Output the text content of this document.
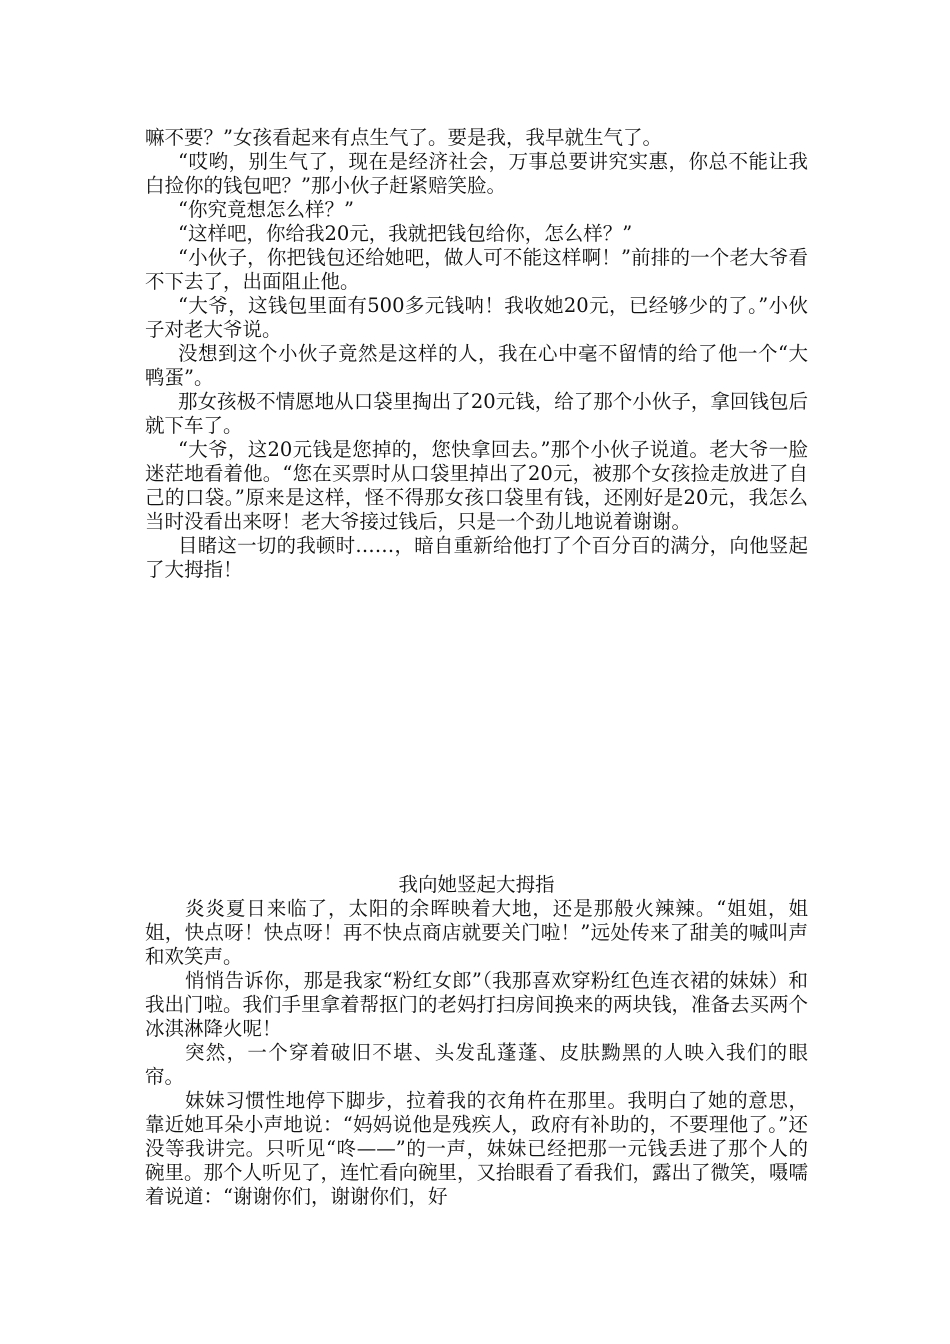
嘛不要？”女孩看起来有点生气了。要是我，我早就生气了。

“哎哟，别生气了，现在是经济社会，万事总要讲究实惠，你总不能让我白捡你的钱包吧？”那小伙子赶紧赔笑脸。

“你究竟想怎么样？”

“这样吧，你给我20元，我就把钱包给你，怎么样？”

“小伙子，你把钱包还给她吧，做人可不能这样啊！”前排的一个老大爷看不下去了，出面阻止他。

“大爷，这钱包里面有500多元钱呐！我收她20元，已经够少的了。”小伙子对老大爷说。

没想到这个小伙子竟然是这样的人，我在心中毫不留情的给了他一个“大鸭蛋”。

那女孩极不情愿地从口袋里掏出了20元钱，给了那个小伙子，拿回钱包后就下车了。

“大爷，这20元钱是您掉的，您快拿回去。”那个小伙子说道。老大爷一脸迷茫地看着他。“您在买票时从口袋里掉出了20元，被那个女孩捡走放进了自己的口袋。”原来是这样，怪不得那女孩口袋里有钱，还刚好是20元，我怎么当时没看出来呀！老大爷接过钱后，只是一个劲儿地说着谢谢。

目睹这一切的我顿时……，暗自重新给他打了个百分百的满分，向他竖起了大拇指！

我向她竖起大拇指

炎炎夏日来临了，太阳的余晖映着大地，还是那般火辣辣。“姐姐，姐姐，快点呀！快点呀！再不快点商店就要关门啦！”远处传来了甜美的喊叫声和欢笑声。

悄悄告诉你，那是我家“粉红女郎”（我那喜欢穿粉红色连衣裙的妹妹）和我出门啦。我们手里拿着帮抠门的老妈打扫房间换来的两块钱，准备去买两个冰淇淋降火呢！

突然，一个穿着破旧不堪、头发乱蓬蓬、皮肤黝黑的人映入我们的眼帘。

妹妹习惯性地停下脚步，拉着我的衣角杵在那里。我明白了她的意思，靠近她耳朵小声地说：“妈妈说他是残疾人，政府有补助的，不要理他了。”还没等我讲完。只听见“咚——”的一声，妹妹已经把那一元钱丢进了那个人的碗里。那个人听见了，连忙看向碗里，又抬眼看了看我们，露出了微笑，嗫嚅着说道：“谢谢你们，谢谢你们，好
